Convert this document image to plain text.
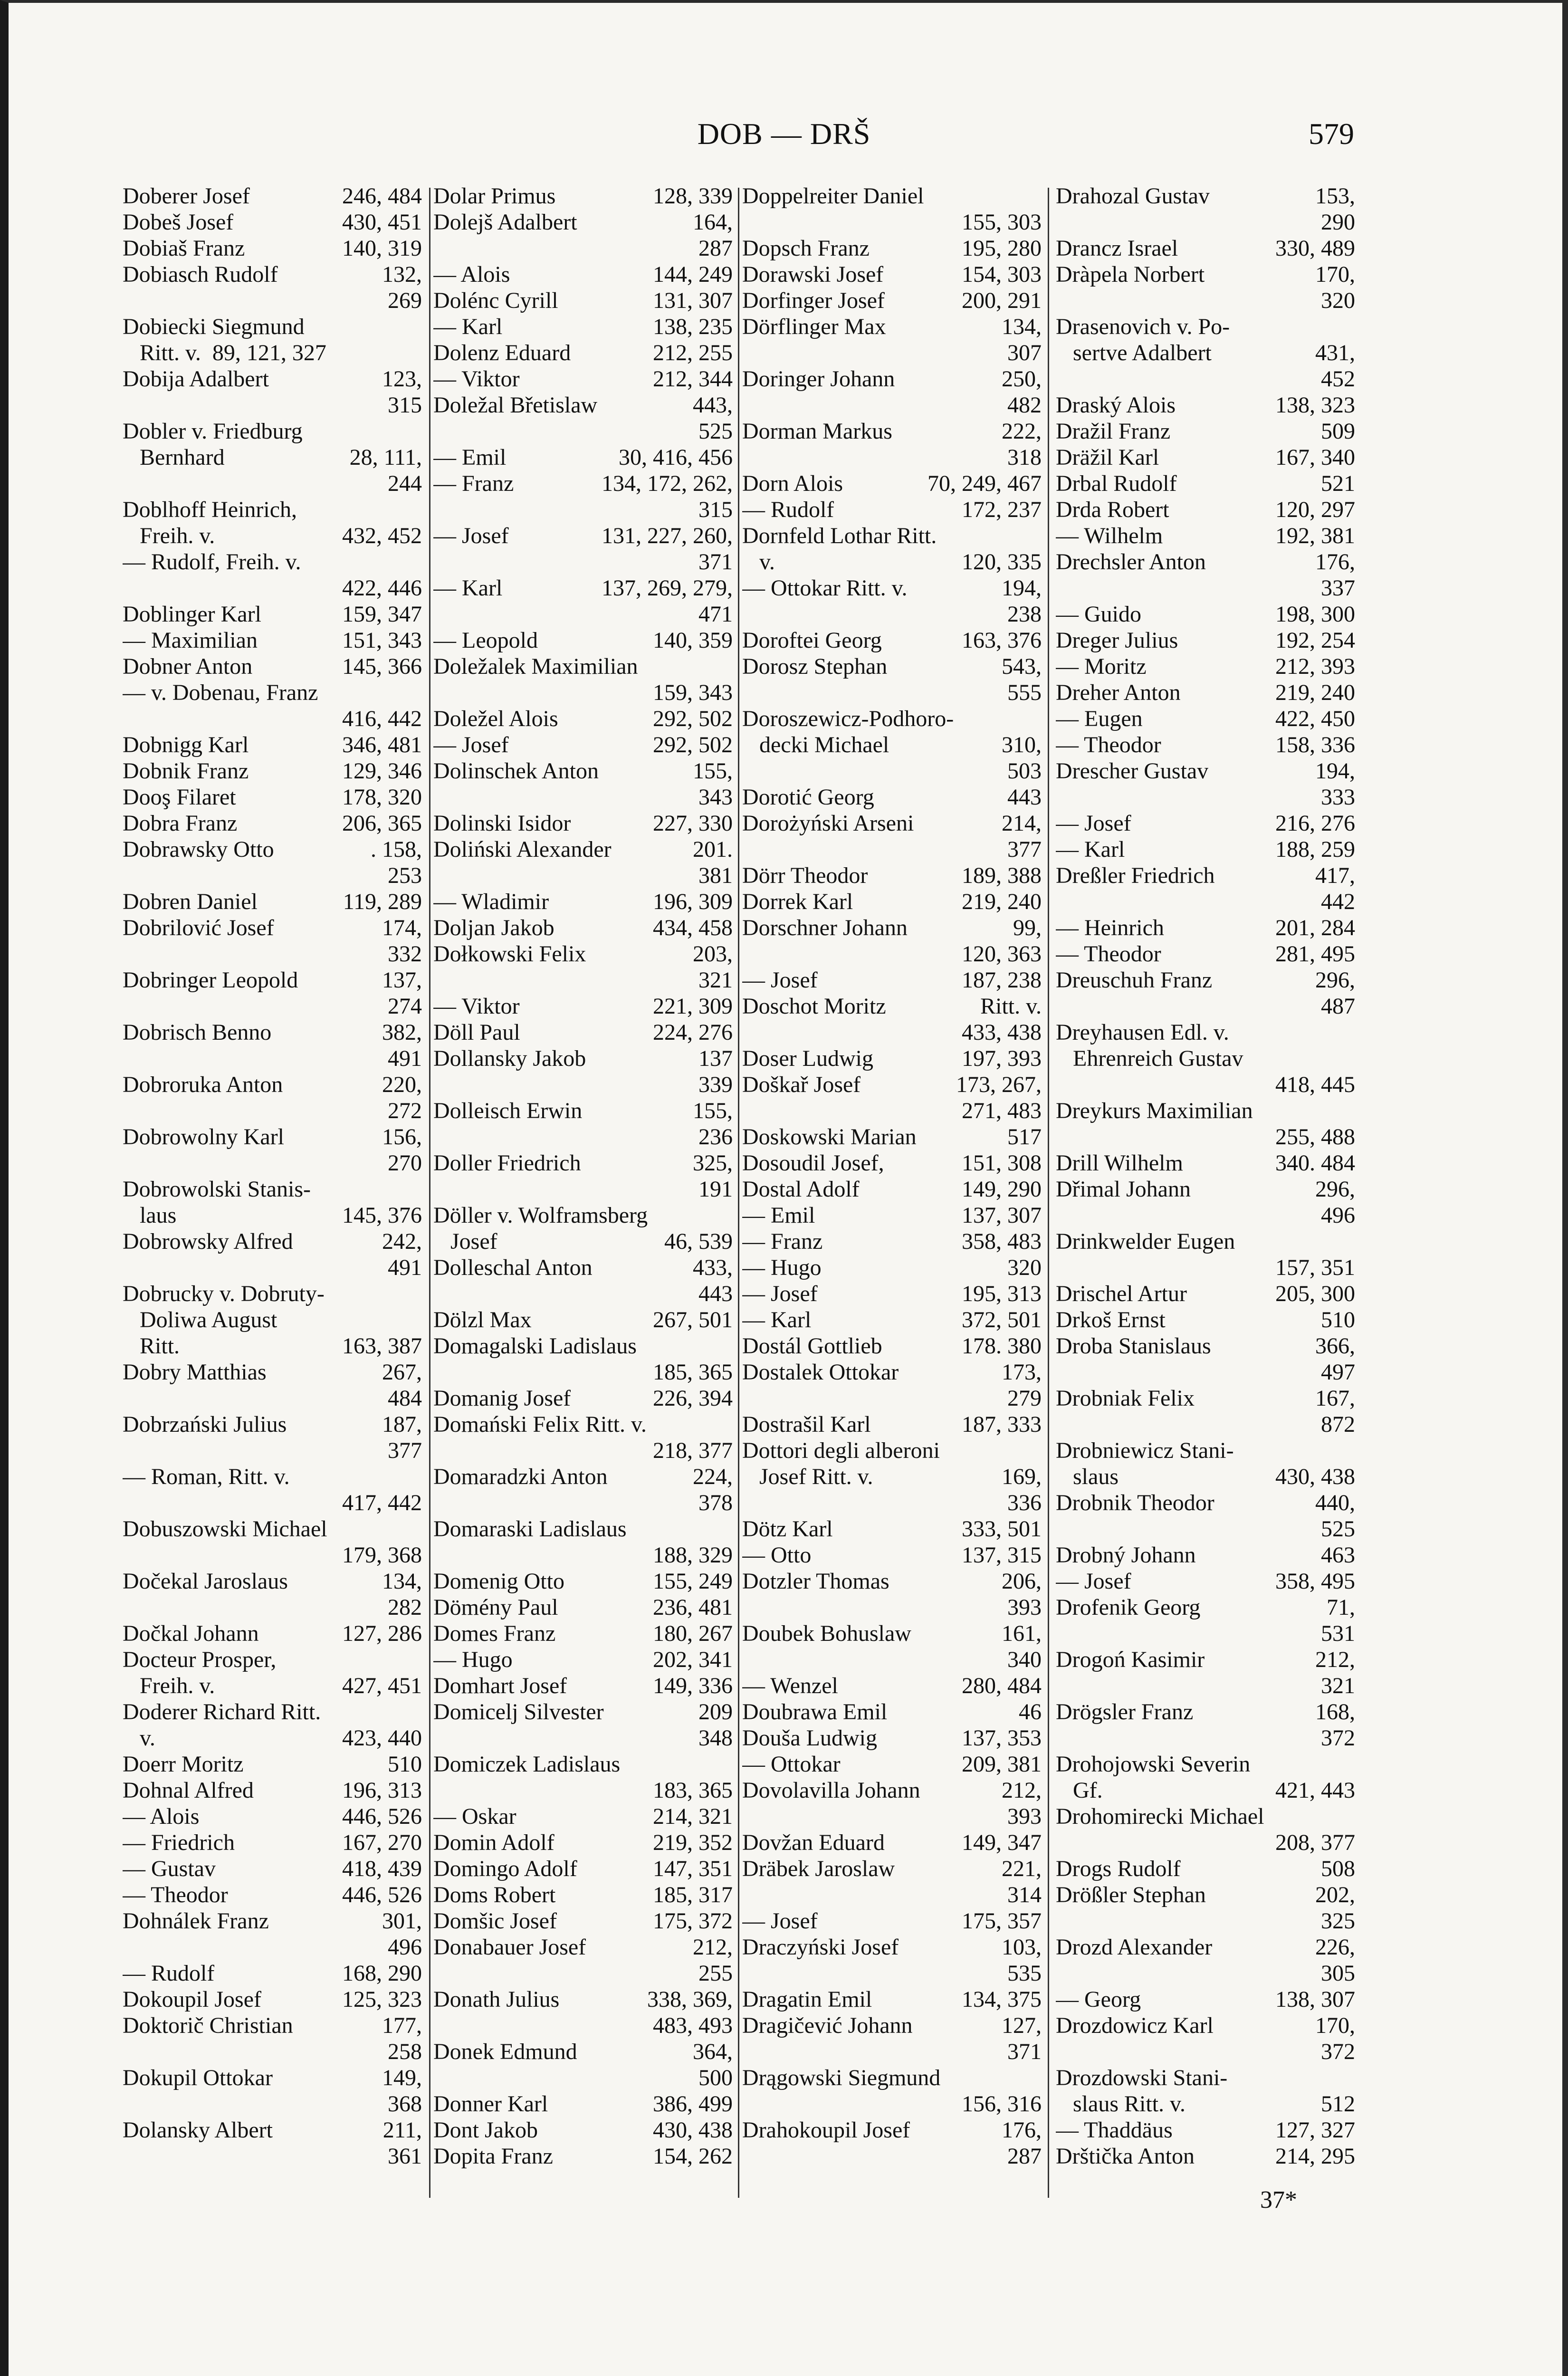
DOB — DRŠ	579
Doberer Josef	246, 484
Dobeš Josef	430, 451
Dobiaš Franz	140, 319
Dobiasch Rudolf	132,
269
Dobiecki Siegmund
Ritt. v.  89, 121, 327
Dobija Adalbert	123,
315
Dobler v. Friedburg
Bernhard	28, 111,
244
Doblhoff Heinrich,
Freih. v.	432, 452
— Rudolf, Freih. v.
422, 446
Doblinger Karl	159, 347
— Maximilian	151, 343
Dobner Anton	145, 366
— v. Dobenau, Franz
416, 442
Dobnigg Karl	346, 481
Dobnik Franz	129, 346
Dooş Filaret	178, 320
Dobra Franz	206, 365
Dobrawsky Otto	. 158,
253
Dobren Daniel	119, 289
Dobrilović Josef	174,
332
Dobringer Leopold	137,
274
Dobrisch Benno	382,
491
Dobroruka Anton	220,
272
Dobrowolny Karl	156,
270
Dobrowolski Stanis-
laus	145, 376
Dobrowsky Alfred	242,
491
Dobrucky v. Dobruty-
Doliwa August
Ritt.	163, 387
Dobry Matthias	267,
484
Dobrzański Julius	187,
377
— Roman, Ritt. v.
417, 442
Dobuszowski Michael
179, 368
Dočekal Jaroslaus	134,
282
Dočkal Johann	127, 286
Docteur Prosper,
Freih. v.	427, 451
Doderer Richard Ritt.
v.	423, 440
Doerr Moritz	510
Dohnal Alfred	196, 313
— Alois	446, 526
— Friedrich	167, 270
— Gustav	418, 439
— Theodor	446, 526
Dohnálek Franz	301,
496
— Rudolf	168, 290
Dokoupil Josef	125, 323
Doktorič Christian	177,
258
Dokupil Ottokar	149,
368
Dolansky Albert	211,
361
Dolar Primus	128, 339
Dolejš Adalbert	164,
287
— Alois	144, 249
Dolénc Cyrill	131, 307
— Karl	138, 235
Dolenz Eduard	212, 255
— Viktor	212, 344
Doležal Břetislaw	443,
525
— Emil	30, 416, 456
— Franz	134, 172, 262,
315
— Josef	131, 227, 260,
371
— Karl	137, 269, 279,
471
— Leopold	140, 359
Doležalek Maximilian
159, 343
Doležel Alois	292, 502
— Josef	292, 502
Dolinschek Anton	155,
343
Dolinski Isidor	227, 330
Doliński Alexander	201.
381
— Wladimir	196, 309
Doljan Jakob	434, 458
Dołkowski Felix	203,
321
— Viktor	221, 309
Döll Paul	224, 276
Dollansky Jakob	137
339
Dolleisch Erwin	155,
236
Doller Friedrich	325,
191
Döller v. Wolframsberg
Josef	46, 539
Dolleschal Anton	433,
443
Dölzl Max	267, 501
Domagalski Ladislaus
185, 365
Domanig Josef	226, 394
Domański Felix Ritt. v.
218, 377
Domaradzki Anton	224,
378
Domaraski Ladislaus
188, 329
Domenig Otto	155, 249
Dömény Paul	236, 481
Domes Franz	180, 267
— Hugo	202, 341
Domhart Josef	149, 336
Domicelj Silvester	209
348
Domiczek Ladislaus
183, 365
— Oskar	214, 321
Domin Adolf	219, 352
Domingo Adolf	147, 351
Doms Robert	185, 317
Domšic Josef	175, 372
Donabauer Josef	212,
255
Donath Julius	338, 369,
483, 493
Donek Edmund	364,
500
Donner Karl	386, 499
Dont Jakob	430, 438
Dopita Franz	154, 262
Doppelreiter Daniel
155, 303
Dopsch Franz	195, 280
Dorawski Josef	154, 303
Dorfinger Josef	200, 291
Dörflinger Max	134,
307
Doringer Johann	250,
482
Dorman Markus	222,
318
Dorn Alois	70, 249, 467
— Rudolf	172, 237
Dornfeld Lothar Ritt.
v.	120, 335
— Ottokar Ritt. v.	194,
238
Doroftei Georg	163, 376
Dorosz Stephan	543,
555
Doroszewicz-Podhoro-
decki Michael	310,
503
Dorotić Georg	443
Dorożyński Arseni	214,
377
Dörr Theodor	189, 388
Dorrek Karl	219, 240
Dorschner Johann	99,
120, 363
— Josef	187, 238
Doschot Moritz	Ritt. v.
433, 438
Doser Ludwig	197, 393
Doškař Josef	173, 267,
271, 483
Doskowski Marian	517
Dosoudil Josef,	151, 308
Dostal Adolf	149, 290
— Emil	137, 307
— Franz	358, 483
— Hugo	320
— Josef	195, 313
— Karl	372, 501
Dostál Gottlieb	178. 380
Dostalek Ottokar	173,
279
Dostrašil Karl	187, 333
Dottori degli alberoni
Josef Ritt. v.	169,
336
Dötz Karl	333, 501
— Otto	137, 315
Dotzler Thomas	206,
393
Doubek Bohuslaw	161,
340
— Wenzel	280, 484
Doubrawa Emil	46
Douša Ludwig	137, 353
— Ottokar	209, 381
Dovolavilla Johann	212,
393
Dovžan Eduard	149, 347
Dräbek Jaroslaw	221,
314
— Josef	175, 357
Draczyński Josef	103,
535
Dragatin Emil	134, 375
Dragičević Johann	127,
371
Drągowski Siegmund
156, 316
Drahokoupil Josef	176,
287
Drahozal Gustav	153,
290
Drancz Israel	330, 489
Dràpela Norbert	170,
320
Drasenovich v. Po-
sertve Adalbert	431,
452
Draský Alois	138, 323
Dražil Franz	509
Dräžil Karl	167, 340
Drbal Rudolf	521
Drda Robert	120, 297
— Wilhelm	192, 381
Drechsler Anton	176,
337
— Guido	198, 300
Dreger Julius	192, 254
— Moritz	212, 393
Dreher Anton	219, 240
— Eugen	422, 450
— Theodor	158, 336
Drescher Gustav	194,
333
— Josef	216, 276
— Karl	188, 259
Dreßler Friedrich	417,
442
— Heinrich	201, 284
— Theodor	281, 495
Dreuschuh Franz	296,
487
Dreyhausen Edl. v.
Ehrenreich Gustav
418, 445
Dreykurs Maximilian
255, 488
Drill Wilhelm	340. 484
Dřimal Johann	296,
496
Drinkwelder Eugen
157, 351
Drischel Artur	205, 300
Drkoš Ernst	510
Droba Stanislaus	366,
497
Drobniak Felix	167,
872
Drobniewicz Stani-
slaus	430, 438
Drobnik Theodor	440,
525
Drobný Johann	463
— Josef	358, 495
Drofenik Georg	71,
531
Drogoń Kasimir	212,
321
Drögsler Franz	168,
372
Drohojowski Severin
Gf.	421, 443
Drohomirecki Michael
208, 377
Drogs Rudolf	508
Drößler Stephan	202,
325
Drozd Alexander	226,
305
— Georg	138, 307
Drozdowicz Karl	170,
372
Drozdowski Stani-
slaus Ritt. v.	512
— Thaddäus	127, 327
Drštička Anton	214, 295
37*
